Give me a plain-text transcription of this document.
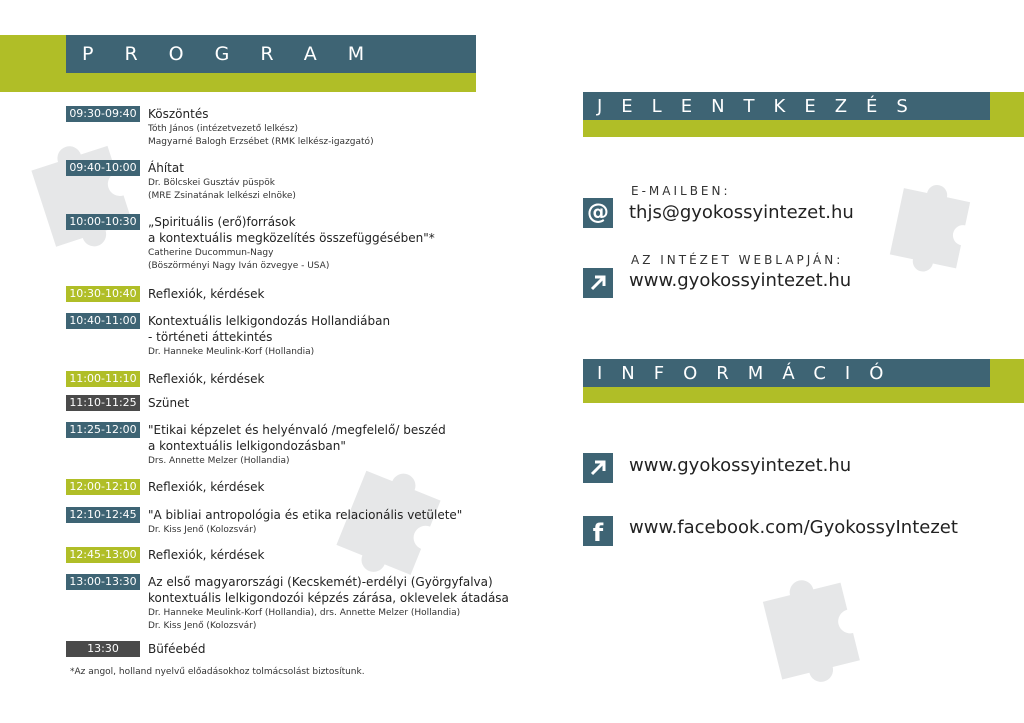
PROGRAM
09:30-09:40 Köszöntés
Tóth János (intézetvezető lelkész)
Magyarné Balogh Erzsébet (RMK lelkész-igazgató)
09:40-10:00 Áhítat
Dr. Bölcskei Gusztáv püspök
(MRE Zsinatának lelkészi elnöke)
10:00-10:30 „Spirituális (erő)források
a kontextuális megközelítés összefüggésében"*
Catherine Ducommun-Nagy
(Böszörményi Nagy Iván özvegye - USA)
10:30-10:40 Reflexiók, kérdések
10:40-11:00 Kontextuális lelkigondozás Hollandiában
- történeti áttekintés
Dr. Hanneke Meulink-Korf (Hollandia)
11:00-11:10 Reflexiók, kérdések
11:10-11:25 Szünet
11:25-12:00 "Etikai képzelet és helyénvaló /megfelelő/ beszéd
a kontextuális lelkigondozásban"
Drs. Annette Melzer (Hollandia)
12:00-12:10 Reflexiók, kérdések
12:10-12:45 "A bibliai antropológia és etika relacionális vetülete"
Dr. Kiss Jenő (Kolozsvár)
12:45-13:00 Reflexiók, kérdések
13:00-13:30 Az első magyarországi (Kecskemét)-erdélyi (Györgyfalva)
kontextuális lelkigondozói képzés zárása, oklevelek átadása
Dr. Hanneke Meulink-Korf (Hollandia), drs. Annette Melzer (Hollandia)
Dr. Kiss Jenő (Kolozsvár)
13:30	Büféebéd
*Az angol, holland nyelvű előadásokhoz tolmácsolást biztosítunk.
JELENTKEZÉS
E-MAILBEN:
@ thjs@gyokossyintezet.hu
AZ INTÉZET WEBLAPJÁN:
www.gyokossyintezet.hu
INFORMÁCIÓ
www.gyokossyintezet.hu
f www.facebook.com/GyokossyIntezet
